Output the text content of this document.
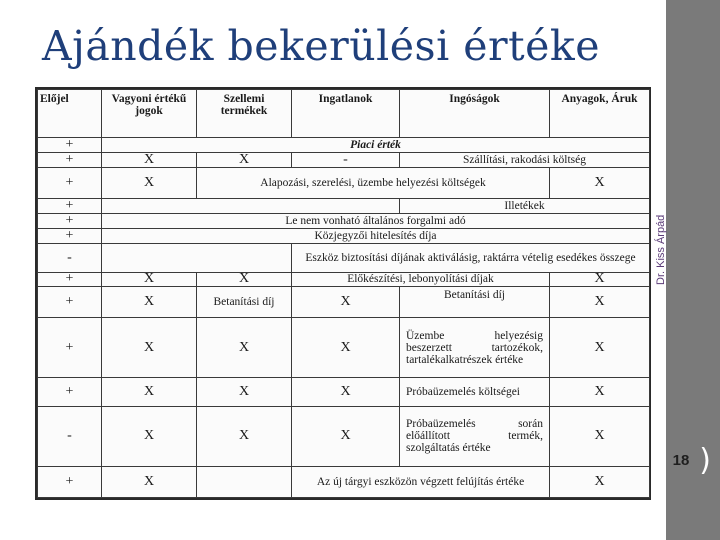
Ajándék bekerülési értéke
Dr. Kiss Árpád
( 18 )
Előjel	Vagyoni értékű jogok	Szellemi termékek	Ingatlanok	Ingóságok	Anyagok, Áruk
+	Piaci érték				
+	X	X	-	Szállítási, rakodási költség	
+	X	Alapozási, szerelési, üzembe helyezési költségek			X
+				Illetékek	
+	Le nem vonható általános forgalmi adó				
+	Közjegyzői hitelesítés díja				
-			Eszköz biztosítási díjának aktiválásig, raktárra vételig esedékes összege		
+	X	X	Előkészítési, lebonyolítási díjak		X
+	X	Betanítási díj	X	Betanítási díj	X
+	X	X	X	Üzembe helyezésig beszerzett tartozékok, tartalékalkatrészek értéke	X
+	X	X	X	Próbaüzemelés költségei	X
-	X	X	X	Próbaüzemelés során előállított termék, szolgáltatás értéke	X
+	X		Az új tárgyi eszközön végzett felújítás értéke		X
